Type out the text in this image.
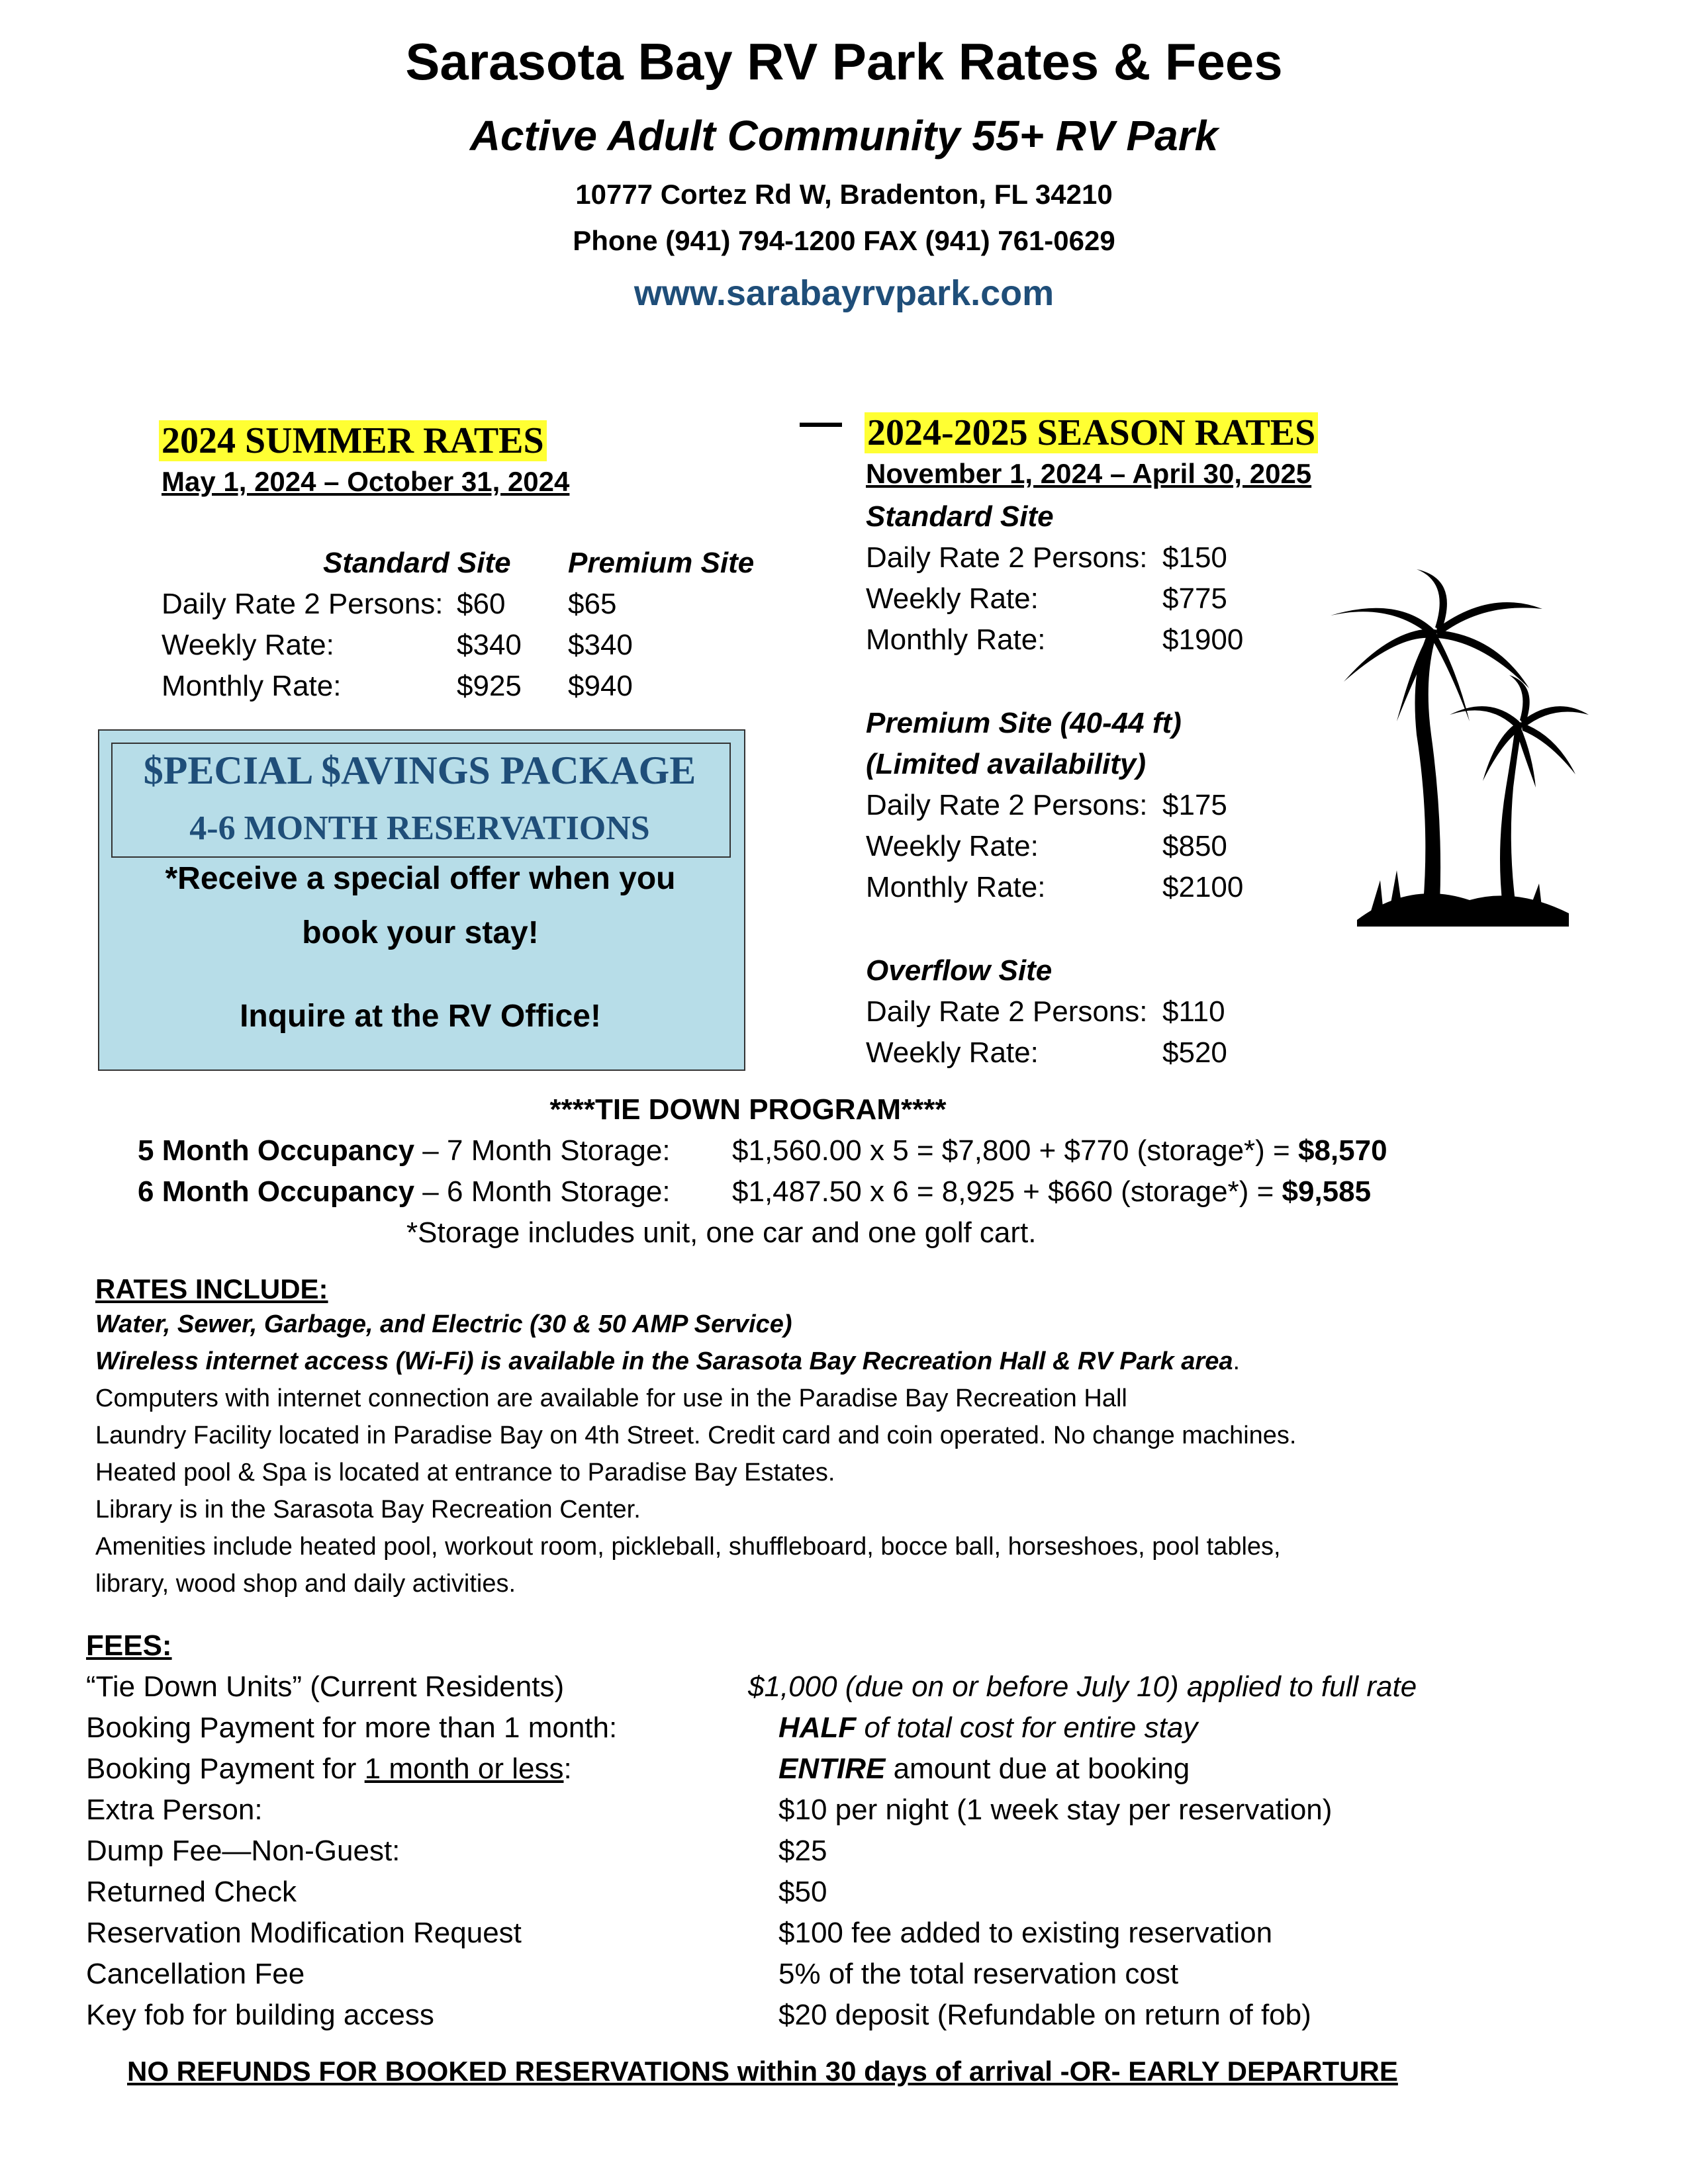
Sarasota Bay RV Park Rates & Fees
Active Adult Community 55+ RV Park
10777 Cortez Rd W, Bradenton, FL 34210
Phone (941) 794-1200 FAX (941) 761-0629
www.sarabayrvpark.com
2024 SUMMER RATES
May 1, 2024 – October 31, 2024
Standard Site Premium Site
Daily Rate 2 Persons: $60 $65
Weekly Rate:	$340 $340
Monthly Rate:	$925 $940
— 2024-2025 SEASON RATES
November 1, 2024 – April 30, 2025
Standard Site
Daily Rate 2 Persons: $150
Weekly Rate:	$775
Monthly Rate:	$1900
Premium Site (40-44 ft)
(Limited availability)
Daily Rate 2 Persons: $175
Weekly Rate:	$850
Monthly Rate:	$2100
Overflow Site
Daily Rate 2 Persons: $110
Weekly Rate:	$520
$PECIAL $AVINGS PACKAGE
4-6 MONTH RESERVATIONS
*Receive a special offer when you
book your stay!
Inquire at the RV Office!
****TIE DOWN PROGRAM****
5 Month Occupancy – 7 Month Storage: $1,560.00 x 5 = $7,800 + $770 (storage*) = $8,570
6 Month Occupancy – 6 Month Storage: $1,487.50 x 6 = 8,925 + $660 (storage*) = $9,585
*Storage includes unit, one car and one golf cart.
RATES INCLUDE:
Water, Sewer, Garbage, and Electric (30 & 50 AMP Service)
Wireless internet access (Wi-Fi) is available in the Sarasota Bay Recreation Hall & RV Park area.
Computers with internet connection are available for use in the Paradise Bay Recreation Hall
Laundry Facility located in Paradise Bay on 4th Street. Credit card and coin operated. No change machines.
Heated pool & Spa is located at entrance to Paradise Bay Estates.
Library is in the Sarasota Bay Recreation Center.
Amenities include heated pool, workout room, pickleball, shuffleboard, bocce ball, horseshoes, pool tables,
library, wood shop and daily activities.
FEES:
“Tie Down Units” (Current Residents)	$1,000 (due on or before July 10) applied to full rate
Booking Payment for more than 1 month:	HALF of total cost for entire stay
Booking Payment for 1 month or less:	ENTIRE amount due at booking
Extra Person:	$10 per night (1 week stay per reservation)
Dump Fee—Non-Guest:	$25
Returned Check	$50
Reservation Modification Request	$100 fee added to existing reservation
Cancellation Fee	5% of the total reservation cost
Key fob for building access	$20 deposit (Refundable on return of fob)
NO REFUNDS FOR BOOKED RESERVATIONS within 30 days of arrival -OR- EARLY DEPARTURE
